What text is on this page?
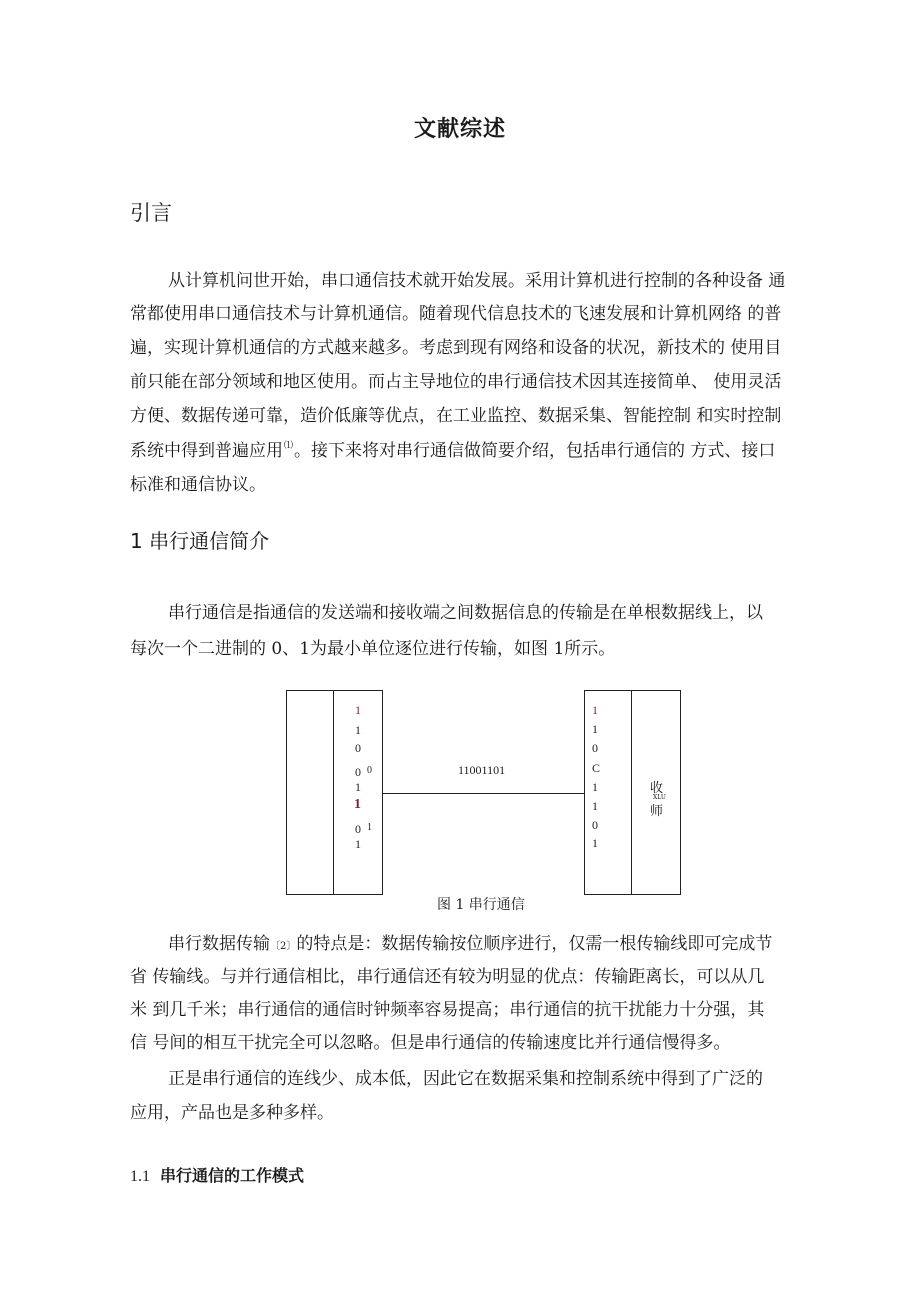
文献综述
引言
从计算机问世开始，串口通信技术就开始发展。采用计算机进行控制的各种设备 通
常都使用串口通信技术与计算机通信。随着现代信息技术的飞速发展和计算机网络 的普
遍，实现计算机通信的方式越来越多。考虑到现有网络和设备的状况，新技术的 使用目
前只能在部分领域和地区使用。而占主导地位的串行通信技术因其连接简单、 使用灵活
方便、数据传递可靠，造价低廉等优点，在工业监控、数据采集、智能控制 和实时控制
系统中得到普遍应用⑴。接下来将对串行通信做简要介绍，包括串行通信的 方式、接口
标准和通信协议。
1 串行通信简介
串行通信是指通信的发送端和接收端之间数据信息的传输是在单根数据线上，以
每次一个二进制的 0、1为最小单位逐位进行传输，如图 1所示。
11001101
1
1
0
0
1
1
0
1
0
1
1
1
0
C
1
1
0
1
收
XLU
师
图 1 串行通信
串行数据传输〔2〕的特点是：数据传输按位顺序进行，仅需一根传输线即可完成节
省 传输线。与并行通信相比，串行通信还有较为明显的优点：传输距离长，可以从几
米 到几千米；串行通信的通信时钟频率容易提高；串行通信的抗干扰能力十分强，其
信 号间的相互干扰完全可以忽略。但是串行通信的传输速度比并行通信慢得多。
正是串行通信的连线少、成本低，因此它在数据采集和控制系统中得到了广泛的
应用，产品也是多种多样。
1.1 串行通信的工作模式
